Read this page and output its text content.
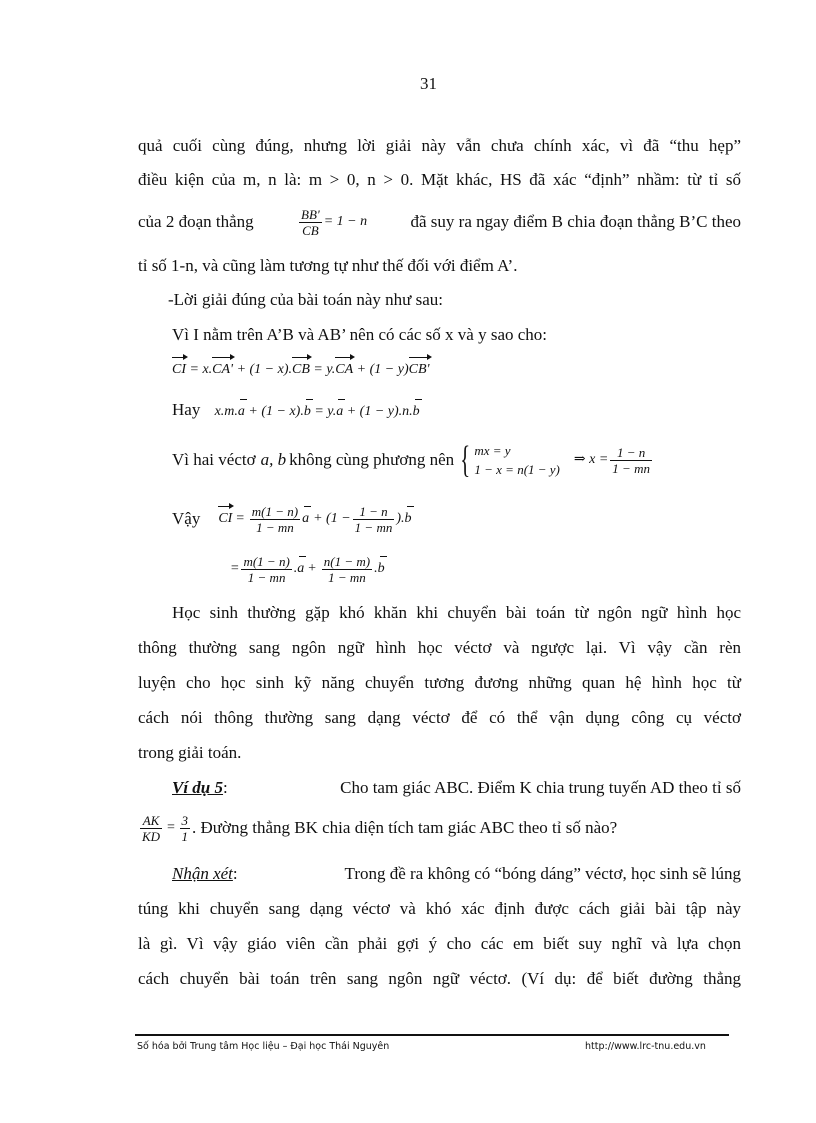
31
quả cuối cùng đúng, nhưng lời giải này vẫn chưa chính xác, vì đã “thu hẹp”
điều kiện của m, n là: m > 0, n > 0. Mặt khác, HS đã xác “định” nhầm: từ tỉ số
của 2 đoạn thẳng	$\frac{BB'}{CB} = 1 - n$	đã suy ra ngay điểm B chia đoạn thẳng B’C theo
tỉ số 1-n, và cũng làm tương tự như thế đối với điểm A’.
-Lời giải đúng của bài toán này như sau:
Vì I nằm trên A’B và AB’ nên có các số x và y sao cho:
CI = x.CA' + (1 − x).CB = y.CA + (1 − y)CB'
Hay x.m.a + (1 − x).b = y.a + (1 − y).n.b
Vì hai véctơ a, b không cùng phương nên { mx = y
1 − x = n(1 − y)
⇒ $x = \frac{1 - n}{1 - mn}$
Vậy CI = $\frac{m(1 - n)}{1 - mn}$ $a + (1 - \frac{1 - n}{1 - mn}$ ). b
= $\frac{m(1 - n)}{1 - mn}$ . $a + \frac{n(1 - m)}{1 - mn}$ . b
Học sinh thường gặp khó khăn khi chuyển bài toán từ ngôn ngữ hình học
thông thường sang ngôn ngữ hình học véctơ và ngược lại. Vì vậy cần rèn
luyện cho học sinh kỹ năng chuyển tương đương những quan hệ hình học từ
cách nói thông thường sang dạng véctơ để có thể vận dụng công cụ véctơ
trong giải toán.
Ví dụ 5:	Cho tam giác ABC. Điểm K chia trung tuyến AD theo tỉ số
$\frac{AK}{KD} = \frac{3}{1}$ . Đường thẳng BK chia diện tích tam giác ABC theo tỉ số nào?
Nhận xét:	Trong đề ra không có “bóng dáng” véctơ, học sinh sẽ lúng
túng khi chuyển sang dạng véctơ và khó xác định được cách giải bài tập này
là gì. Vì vậy giáo viên cần phải gợi ý cho các em biết suy nghĩ và lựa chọn
cách chuyển bài toán trên sang ngôn ngữ véctơ. (Ví dụ: để biết đường thẳng
Số hóa bởi Trung tâm Học liệu – Đại học Thái Nguyên	http://www.lrc-tnu.edu.vn
